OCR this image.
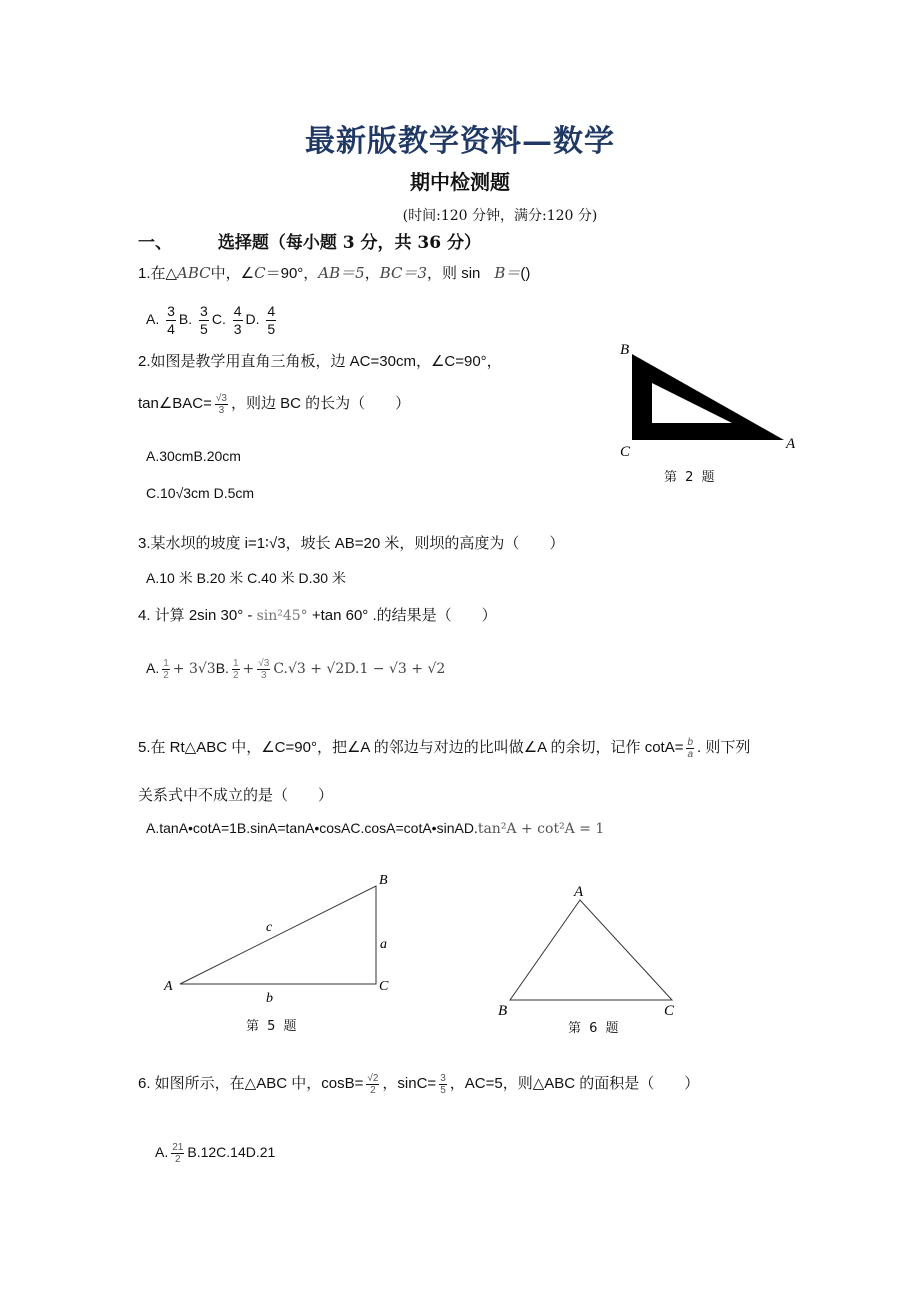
最新版教学资料—数学
期中检测题
(时间:120 分钟，满分:120 分)
一、	选择题（每小题 3 分，共 36 分）
1.在△ABC中，∠C＝90°，AB＝5，BC＝3，则 sin B＝()
A. $\frac{3}{4} B$. $\frac{3}{5} C$. $\frac{4}{3} D$. $\frac{4}{5}$
2.如图是教学用直角三角板，边 AC=30cm，∠C=90°，
tan∠BAC= $\frac{√3}{3}$ ，则边 BC 的长为（　　）
A.30cmB.20cm
C.10√3cm D.5cm
B
C	A
第 2 题
3.某水坝的坡度 i=1∶√3，坡长 AB=20 米，则坝的高度为（　　）
A.10 米 B.20 米 C.40 米 D.30 米
4. 计算 2sin 30° - sin²45° +tan 60° .的结果是（　　）
A. $\frac{1}{2} + 3√3B$. $\frac{1}{2} + \frac{√3}{3} C.√3 + √2D.1 - √3 + √2$
5.在 Rt△ABC 中，∠C=90°，把∠A 的邻边与对边的比叫做∠A 的余切，记作 $\cot A= \frac{b}{a}$ . 则下列
关系式中不成立的是（　　）
A.tanA•cotA=1B.sinA=tanA•cosAC.cosA=cotA•sinAD.tan²A + cot²A = 1
A
B
C
a
b
c
第 5 题
A
B	C
第 6 题
6. 如图所示，在△ABC 中，$\cos B= \frac{√2}{2}$ ，$\sin C= \frac{3}{5}$ ，AC=5，则△ABC 的面积是（　　）
A. $\frac{21}{2} B.12C.14D.21$
